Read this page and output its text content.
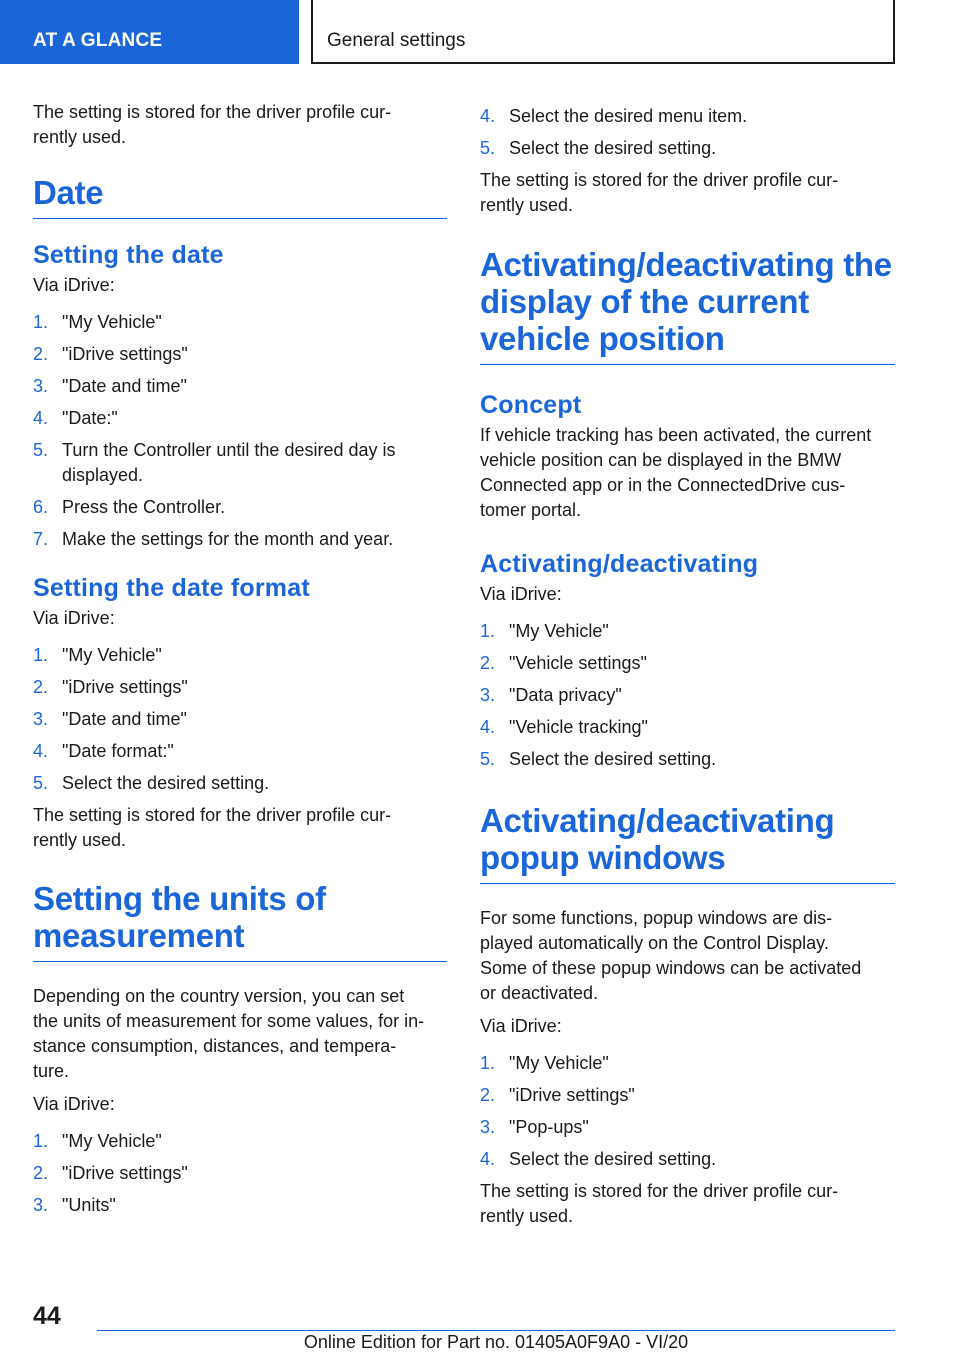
AT A GLANCE	General settings

The setting is stored for the driver profile cur‐
rently used.

Date
Setting the date

Via iDrive:

1. "My Vehicle"
2. "iDrive settings"
3. "Date and time"
4. "Date:"
5. Turn the Controller until the desired day is displayed.
6. Press the Controller.
7. Make the settings for the month and year.
Setting the date format

Via iDrive:

1. "My Vehicle"
2. "iDrive settings"
3. "Date and time"
4. "Date format:"
5. Select the desired setting.

The setting is stored for the driver profile cur‐
rently used.

Setting the units of
measurement

Depending on the country version, you can set
the units of measurement for some values, for in‐
stance consumption, distances, and tempera‐
ture.

Via iDrive:

1. "My Vehicle"
2. "iDrive settings"
3. "Units"
4. Select the desired menu item.
5. Select the desired setting.

The setting is stored for the driver profile cur‐
rently used.

Activating/deactivating the
display of the current
vehicle position
Concept

If vehicle tracking has been activated, the current
vehicle position can be displayed in the BMW
Connected app or in the ConnectedDrive cus‐
tomer portal.

Activating/deactivating

Via iDrive:

1. "My Vehicle"
2. "Vehicle settings"
3. "Data privacy"
4. "Vehicle tracking"
5. Select the desired setting.
Activating/deactivating
popup windows

For some functions, popup windows are dis‐
played automatically on the Control Display.
Some of these popup windows can be activated
or deactivated.

Via iDrive:

1. "My Vehicle"
2. "iDrive settings"
3. "Pop-ups"
4. Select the desired setting.

The setting is stored for the driver profile cur‐
rently used.

44
Online Edition for Part no. 01405A0F9A0 - VI/20
